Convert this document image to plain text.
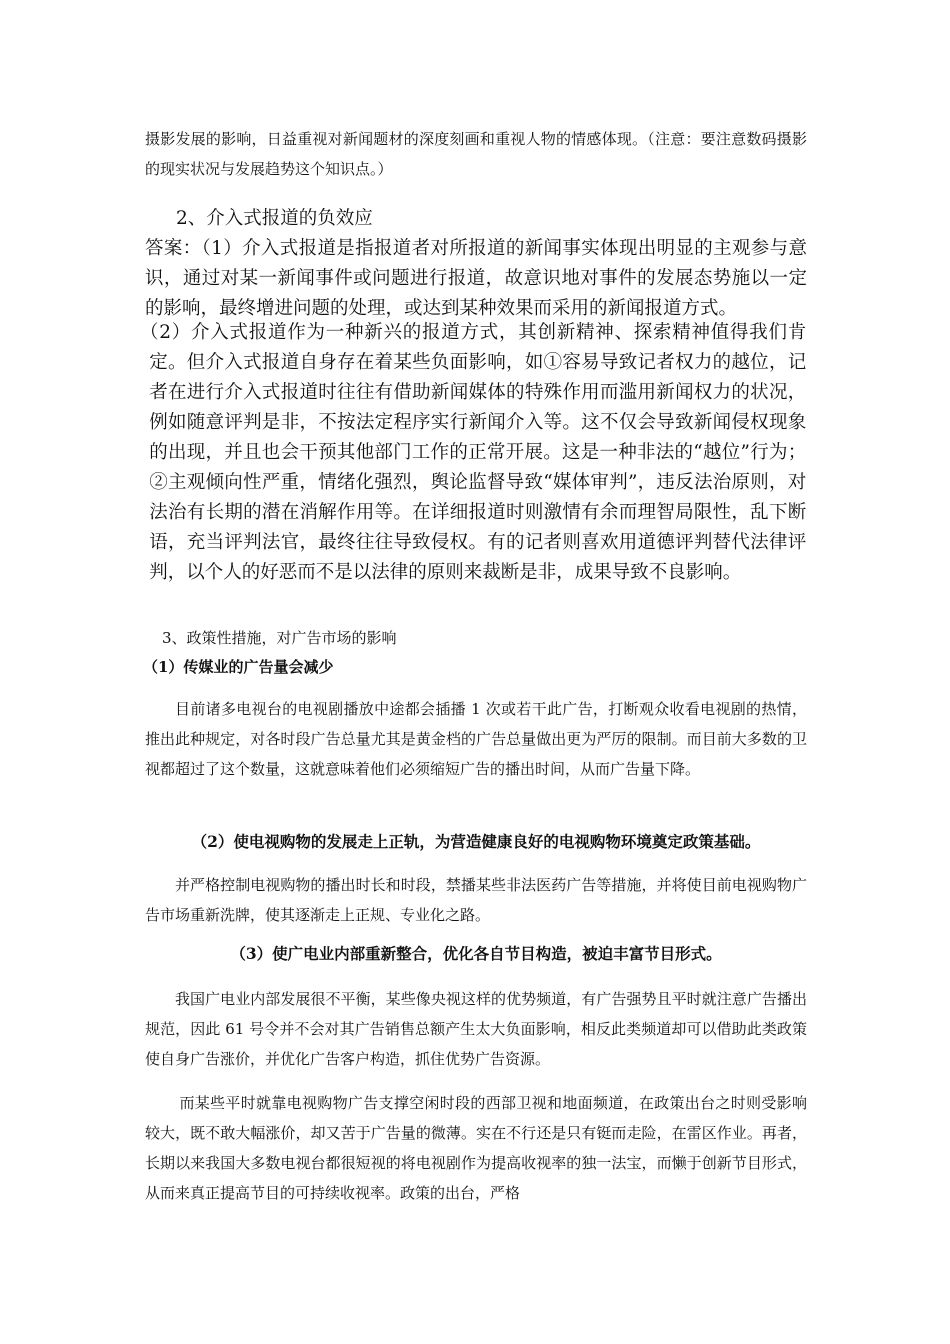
摄影发展的影响，日益重视对新闻题材的深度刻画和重视人物的情感体现。（注意：要注意数码摄影的现实状况与发展趋势这个知识点。）

2、介入式报道的负效应

答案：（1）介入式报道是指报道者对所报道的新闻事实体现出明显的主观参与意识，通过对某一新闻事件或问题进行报道，故意识地对事件的发展态势施以一定的影响，最终增进问题的处理，或达到某种效果而采用的新闻报道方式。

（2）介入式报道作为一种新兴的报道方式，其创新精神、探索精神值得我们肯定。但介入式报道自身存在着某些负面影响，如①容易导致记者权力的越位，记者在进行介入式报道时往往有借助新闻媒体的特殊作用而滥用新闻权力的状况，例如随意评判是非，不按法定程序实行新闻介入等。这不仅会导致新闻侵权现象的出现，并且也会干预其他部门工作的正常开展。这是一种非法的“越位”行为；②主观倾向性严重，情绪化强烈，舆论监督导致“媒体审判”，违反法治原则，对法治有长期的潜在消解作用等。在详细报道时则激情有余而理智局限性，乱下断语，充当评判法官，最终往往导致侵权。有的记者则喜欢用道德评判替代法律评判，以个人的好恶而不是以法律的原则来裁断是非，成果导致不良影响。

3、政策性措施，对广告市场的影响

（1）传媒业的广告量会减少

目前诸多电视台的电视剧播放中途都会插播 1 次或若干此广告，打断观众收看电视剧的热情，推出此种规定，对各时段广告总量尤其是黄金档的广告总量做出更为严厉的限制。而目前大多数的卫视都超过了这个数量，这就意味着他们必须缩短广告的播出时间，从而广告量下降。

（2）使电视购物的发展走上正轨，为营造健康良好的电视购物环境奠定政策基础。

并严格控制电视购物的播出时长和时段，禁播某些非法医药广告等措施，并将使目前电视购物广告市场重新洗牌，使其逐渐走上正规、专业化之路。

（3）使广电业内部重新整合，优化各自节目构造，被迫丰富节目形式。

我国广电业内部发展很不平衡，某些像央视这样的优势频道，有广告强势且平时就注意广告播出规范，因此 61 号令并不会对其广告销售总额产生太大负面影响，相反此类频道却可以借助此类政策使自身广告涨价，并优化广告客户构造，抓住优势广告资源。

而某些平时就靠电视购物广告支撑空闲时段的西部卫视和地面频道，在政策出台之时则受影响较大，既不敢大幅涨价，却又苦于广告量的微薄。实在不行还是只有铤而走险，在雷区作业。再者，长期以来我国大多数电视台都很短视的将电视剧作为提高收视率的独一法宝，而懒于创新节目形式，从而来真正提高节目的可持续收视率。政策的出台，严格
